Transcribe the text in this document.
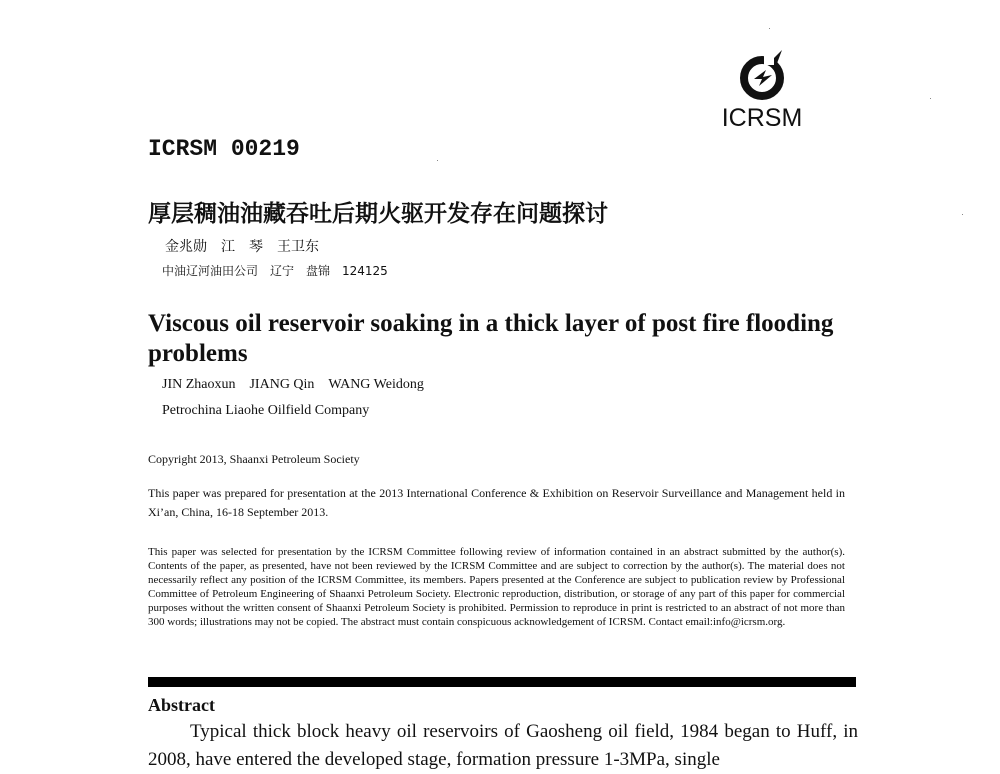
ICRSM
ICRSM 00219
厚层稠油油藏吞吐后期火驱开发存在问题探讨
金兆勋　江　琴　王卫东
中油辽河油田公司　辽宁　盘锦　124125
Viscous oil reservoir soaking in a thick layer of post fire flooding problems
JIN Zhaoxun　JIANG Qin　WANG Weidong
Petrochina Liaohe Oilfield Company
Copyright 2013, Shaanxi Petroleum Society
This paper was prepared for presentation at the 2013 International Conference & Exhibition on Reservoir Surveillance and Management held in Xi’an, China, 16-18 September 2013.
This paper was selected for presentation by the ICRSM Committee following review of information contained in an abstract submitted by the author(s). Contents of the paper, as presented, have not been reviewed by the ICRSM Committee and are subject to correction by the author(s). The material does not necessarily reflect any position of the ICRSM Committee, its members. Papers presented at the Conference are subject to publication review by Professional Committee of Petroleum Engineering of Shaanxi Petroleum Society. Electronic reproduction, distribution, or storage of any part of this paper for commercial purposes without the written consent of Shaanxi Petroleum Society is prohibited. Permission to reproduce in print is restricted to an abstract of not more than 300 words; illustrations may not be copied. The abstract must contain conspicuous acknowledgement of ICRSM. Contact email:info@icrsm.org.
Abstract

Typical thick block heavy oil reservoirs of Gaosheng oil field, 1984 began to Huff, in 2008, have entered the developed stage, formation pressure 1-3MPa, single
